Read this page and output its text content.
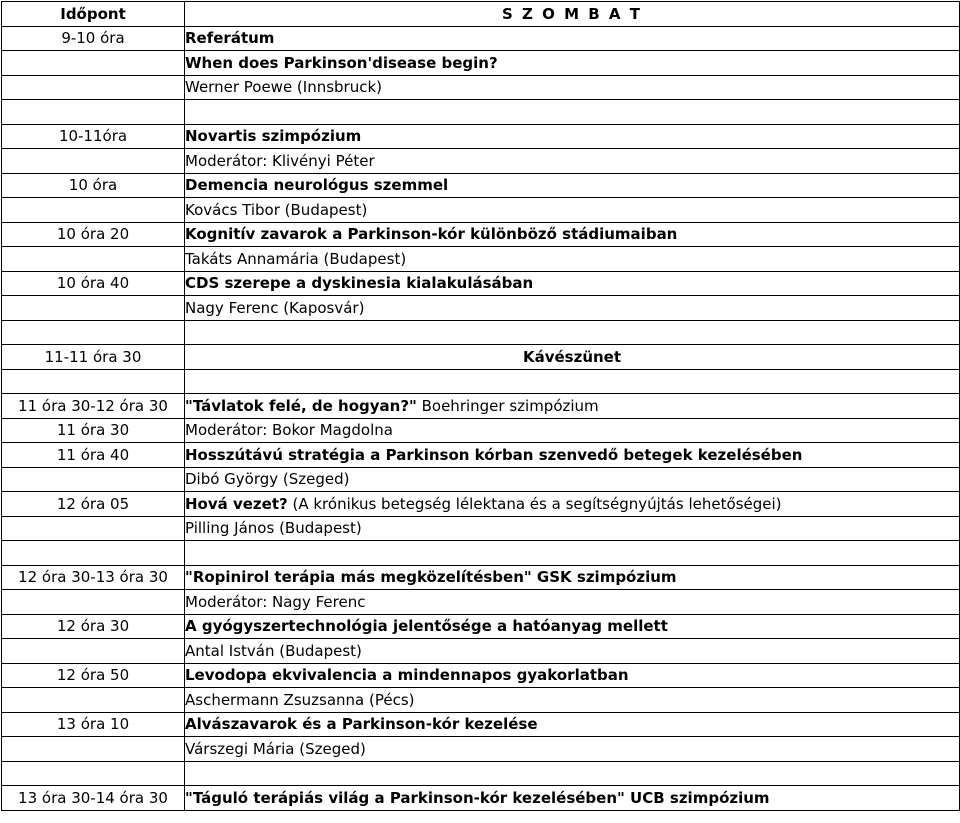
Időpont	S Z O M B A T
9-10 óra	Referátum
	When does Parkinson'disease begin?
	Werner Poewe (Innsbruck)

10-11óra	Novartis szimpózium
	Moderátor: Klivényi Péter
10 óra	Demencia neurológus szemmel
	Kovács Tibor (Budapest)
10 óra 20	Kognitív zavarok a Parkinson-kór különböző stádiumaiban
	Takáts Annamária (Budapest)
10 óra 40	CDS szerepe a dyskinesia kialakulásában
	Nagy Ferenc (Kaposvár)

11-11 óra 30	Kávészünet

11 óra 30-12 óra 30	"Távlatok felé, de hogyan?" Boehringer szimpózium
11 óra 30	Moderátor: Bokor Magdolna
11 óra 40	Hosszútávú stratégia a Parkinson kórban szenvedő betegek kezelésében
	Dibó György (Szeged)
12 óra 05	Hová vezet? (A krónikus betegség lélektana és a segítségnyújtás lehetőségei)
	Pilling János (Budapest)

12 óra 30-13 óra 30	"Ropinirol terápia más megközelítésben" GSK szimpózium
	Moderátor: Nagy Ferenc
12 óra 30	A gyógyszertechnológia jelentősége a hatóanyag mellett
	Antal István (Budapest)
12 óra 50	Levodopa ekvivalencia a mindennapos gyakorlatban
	Aschermann Zsuzsanna (Pécs)
13 óra 10	Alvászavarok és a Parkinson-kór kezelése
	Várszegi Mária (Szeged)

13 óra 30-14 óra 30	"Táguló terápiás világ a Parkinson-kór kezelésében" UCB szimpózium
